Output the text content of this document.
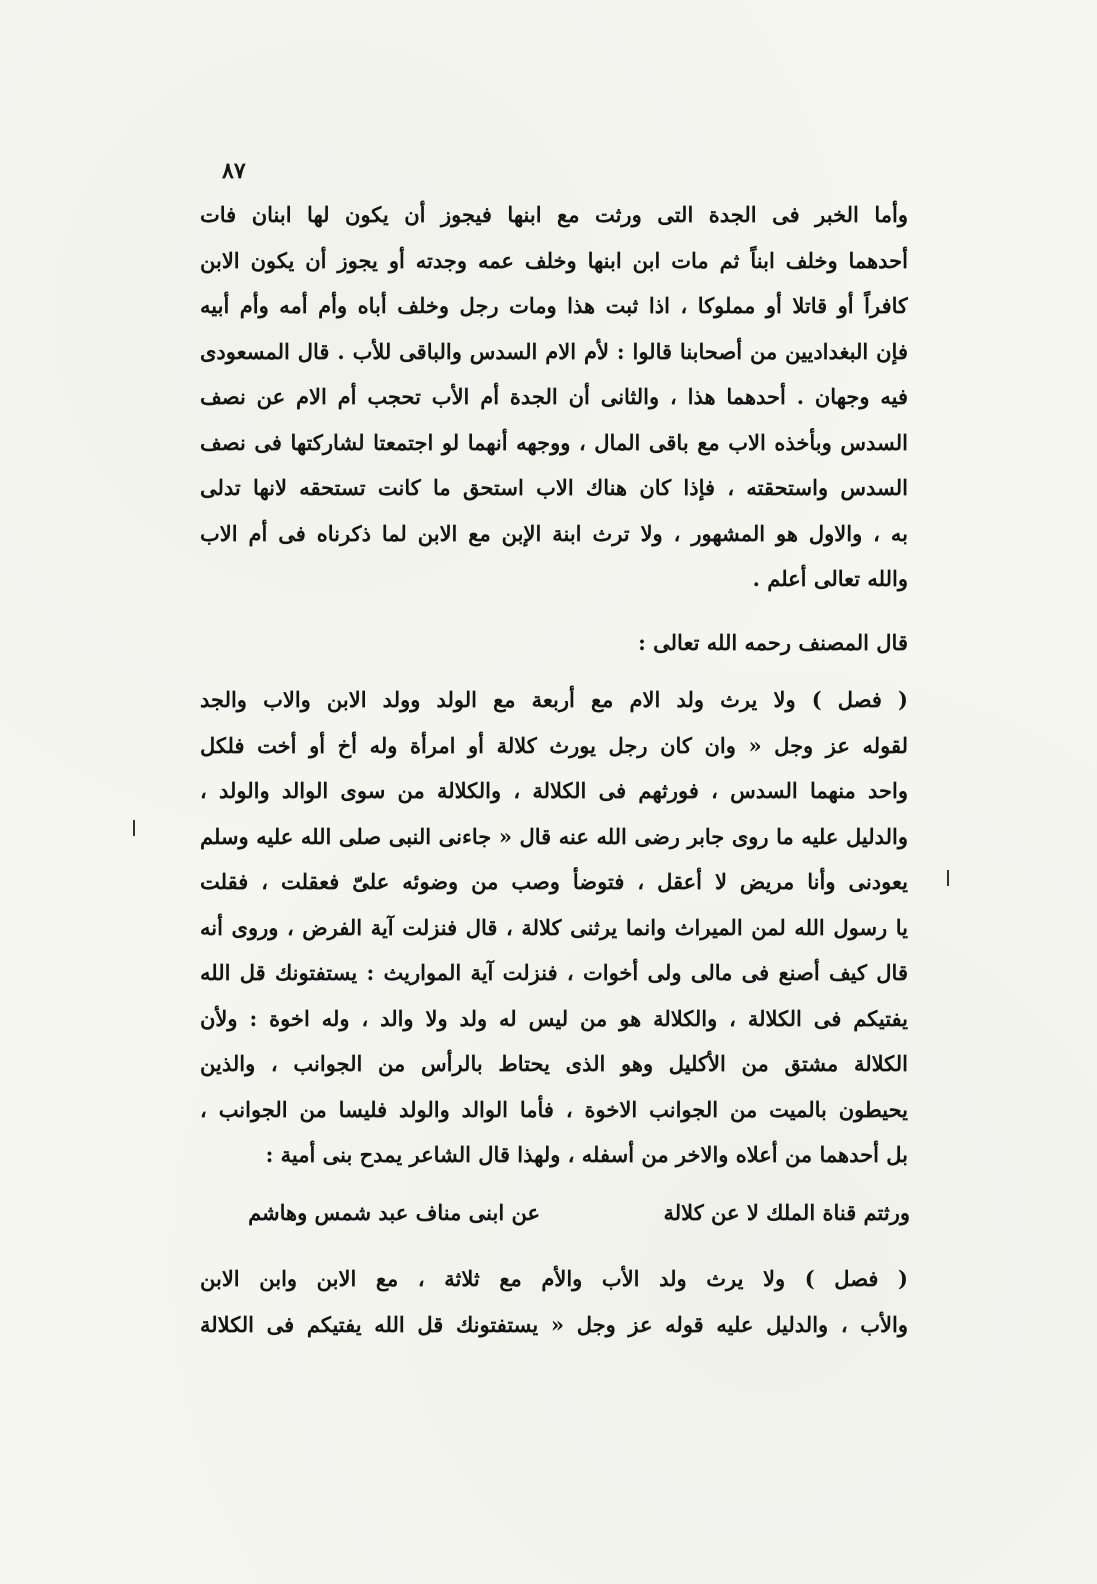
٨٧
وأما الخبر فى الجدة التى ورثت مع ابنها فيجوز أن يكون لها ابنان فات
أحدهما وخلف ابناً ثم مات ابن ابنها وخلف عمه وجدته أو يجوز أن يكون الابن
كافراً أو قاتلا أو مملوكا ، اذا ثبت هذا ومات رجل وخلف أباه وأم أمه وأم أبيه
فإن البغداديين من أصحابنا قالوا : لأم الام السدس والباقى للأب . قال المسعودى
فيه وجهان . أحدهما هذا ، والثانى أن الجدة أم الأب تحجب أم الام عن نصف
السدس وبأخذه الاب مع باقى المال ، ووجهه أنهما لو اجتمعتا لشاركتها فى نصف
السدس واستحقته ، فإذا كان هناك الاب استحق ما كانت تستحقه لانها تدلى
به ، والاول هو المشهور ، ولا ترث ابنة الإبن مع الابن لما ذكرناه فى أم الاب
والله تعالى أعلم .
قال المصنف رحمه الله تعالى :
( فصل ) ولا يرث ولد الام مع أربعة مع الولد وولد الابن والاب والجد
لقوله عز وجل « وان كان رجل يورث كلالة أو امرأة وله أخ أو أخت فلكل
واحد منهما السدس ، فورثهم فى الكلالة ، والكلالة من سوى الوالد والولد ،
والدليل عليه ما روى جابر رضى الله عنه قال « جاءنى النبى صلى الله عليه وسلم
يعودنى وأنا مريض لا أعقل ، فتوضأ وصب من وضوئه علىّ فعقلت ، فقلت
يا رسول الله لمن الميراث وانما يرثنى كلالة ، قال فنزلت آية الفرض ، وروى أنه
قال كيف أصنع فى مالى ولى أخوات ، فنزلت آية المواريث : يستفتونك قل الله
يفتيكم فى الكلالة ، والكلالة هو من ليس له ولد ولا والد ، وله اخوة : ولأن
الكلالة مشتق من الأكليل وهو الذى يحتاط بالرأس من الجوانب ، والذين
يحيطون بالميت من الجوانب الاخوة ، فأما الوالد والولد فليسا من الجوانب ،
بل أحدهما من أعلاه والاخر من أسفله ، ولهذا قال الشاعر يمدح بنى أمية :
ورثتم قناة الملك لا عن كلالة
عن ابنى مناف عبد شمس وهاشم
( فصل ) ولا يرث ولد الأب والأم مع ثلاثة ، مع الابن وابن الابن
والأب ، والدليل عليه قوله عز وجل « يستفتونك قل الله يفتيكم فى الكلالة
